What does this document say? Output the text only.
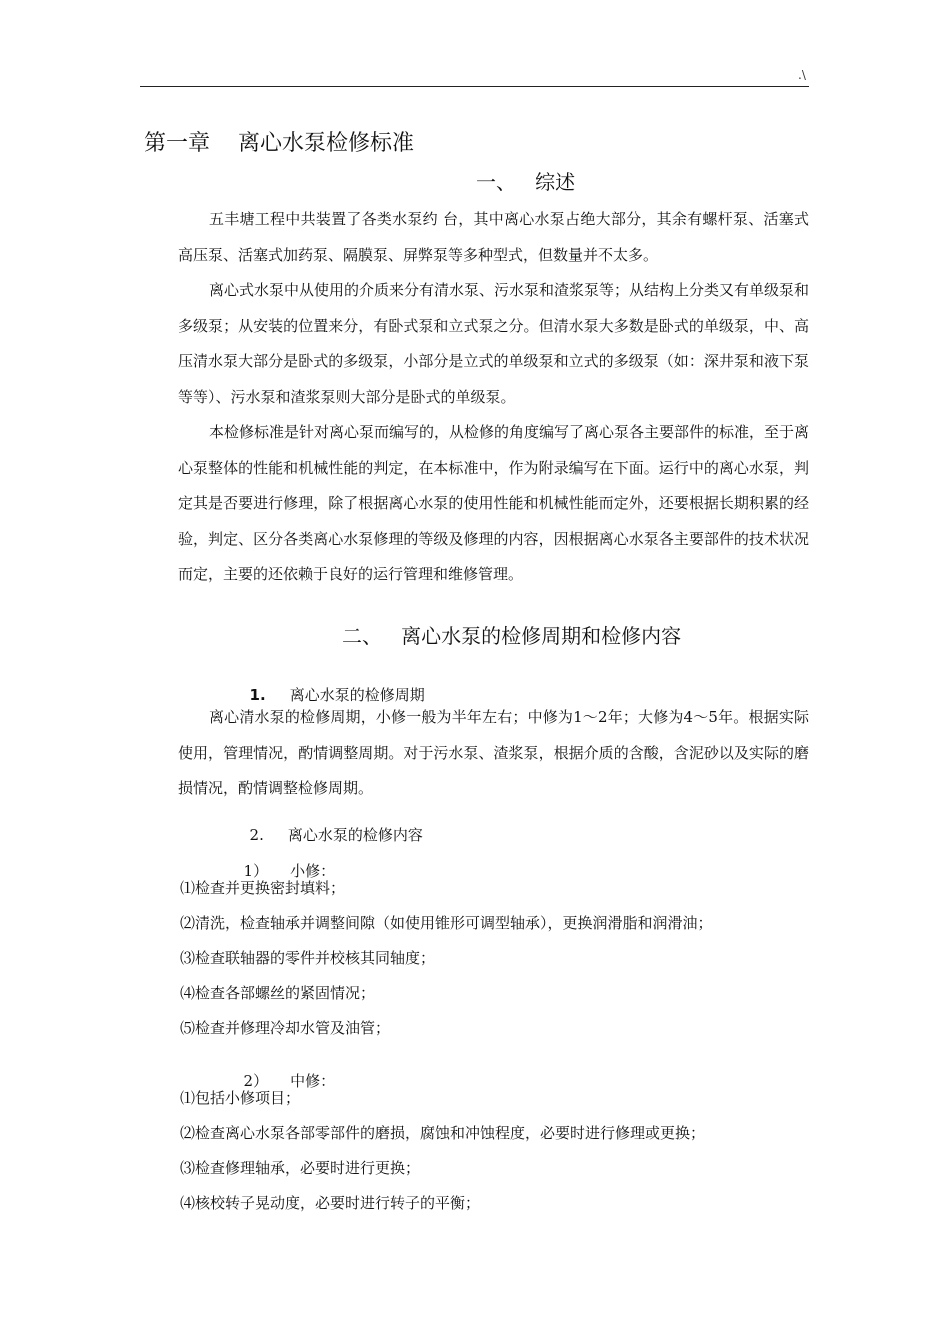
.\
第一章    离心水泵检修标准
一、   综述

五丰塘工程中共装置了各类水泵约 台，其中离心水泵占绝大部分，其余有螺杆泵、活塞式高压泵、活塞式加药泵、隔膜泵、屏弊泵等多种型式，但数量并不太多。

离心式水泵中从使用的介质来分有清水泵、污水泵和渣浆泵等；从结构上分类又有单级泵和多级泵；从安装的位置来分，有卧式泵和立式泵之分。但清水泵大多数是卧式的单级泵，中、高压清水泵大部分是卧式的多级泵，小部分是立式的单级泵和立式的多级泵（如：深井泵和液下泵等等）、污水泵和渣浆泵则大部分是卧式的单级泵。

本检修标准是针对离心泵而编写的，从检修的角度编写了离心泵各主要部件的标准，至于离心泵整体的性能和机械性能的判定，在本标准中，作为附录编写在下面。运行中的离心水泵，判定其是否要进行修理，除了根据离心水泵的使用性能和机械性能而定外，还要根据长期积累的经验，判定、区分各类离心水泵修理的等级及修理的内容，因根据离心水泵各主要部件的技术状况而定，主要的还依赖于良好的运行管理和维修管理。

二、   离心水泵的检修周期和检修内容

1. 离心水泵的检修周期

离心清水泵的检修周期，小修一般为半年左右；中修为1～2年；大修为4～5年。根据实际使用，管理情况，酌情调整周期。对于污水泵、渣浆泵，根据介质的含酸，含泥砂以及实际的磨损情况，酌情调整检修周期。

2. 离心水泵的检修内容

1） 小修：

⑴检查并更换密封填料；
⑵清洗，检查轴承并调整间隙（如使用锥形可调型轴承），更换润滑脂和润滑油；
⑶检查联轴器的零件并校核其同轴度；
⑷检查各部螺丝的紧固情况；
⑸检查并修理冷却水管及油管；

2） 中修：

⑴包括小修项目；
⑵检查离心水泵各部零部件的磨损，腐蚀和冲蚀程度，必要时进行修理或更换；
⑶检查修理轴承，必要时进行更换；
⑷核校转子晃动度，必要时进行转子的平衡；
